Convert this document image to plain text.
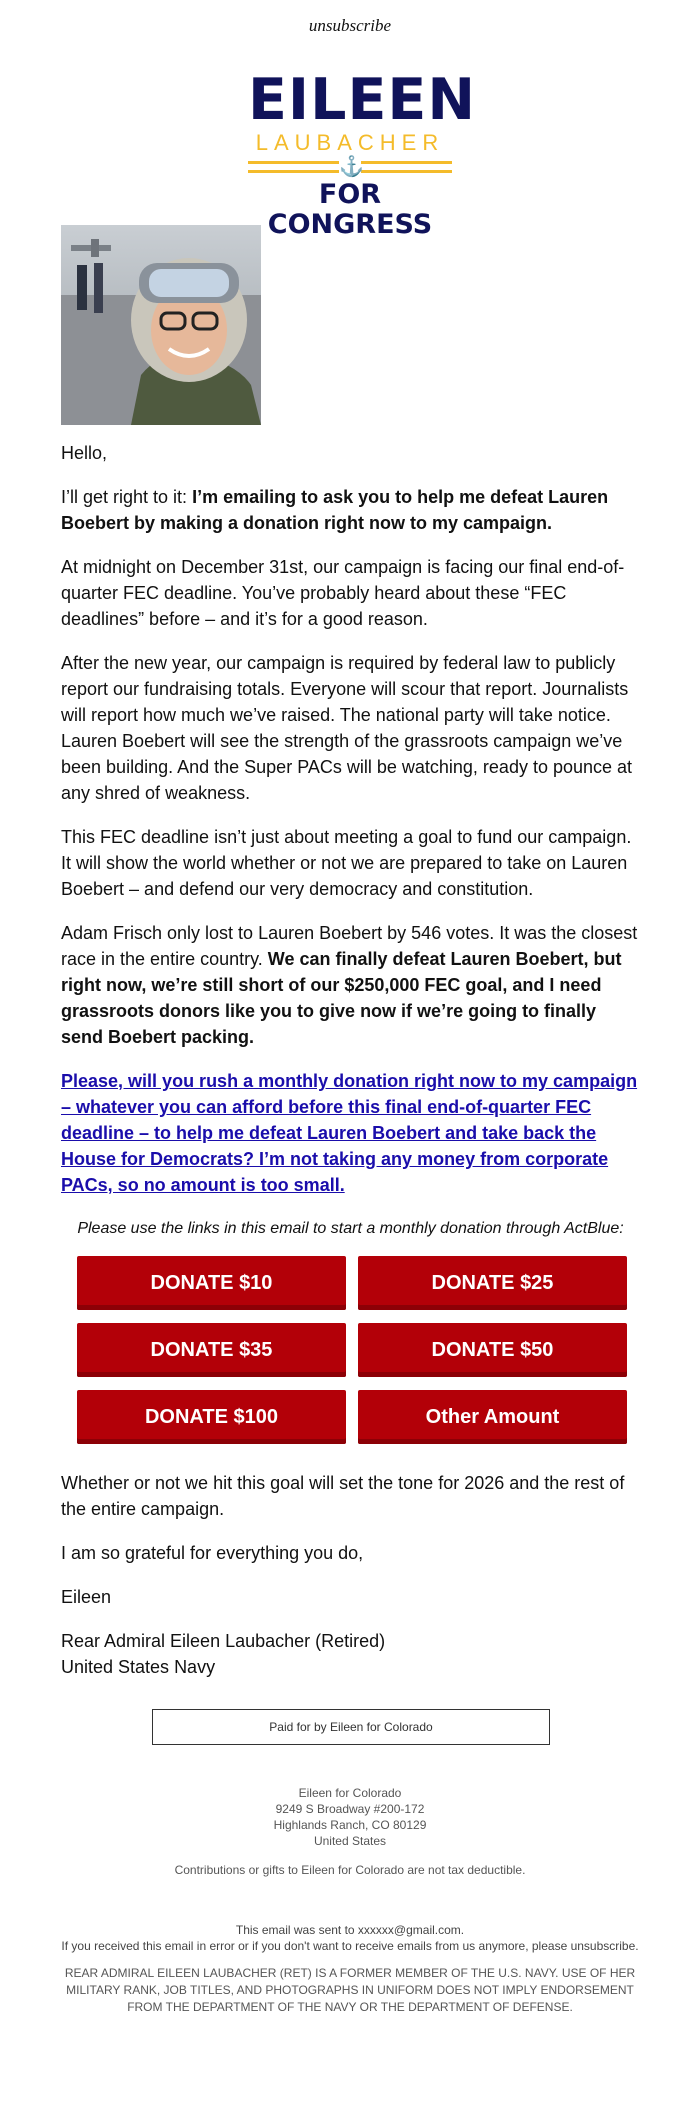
unsubscribe
EILEEN
LAUBACHER
⚓
FOR CONGRESS

Hello,

I’ll get right to it: I’m emailing to ask you to help me defeat Lauren Boebert by making a donation right now to my campaign.

At midnight on December 31st, our campaign is facing our final end-of-quarter FEC deadline. You’ve probably heard about these “FEC deadlines” before – and it’s for a good reason.

After the new year, our campaign is required by federal law to publicly report our fundraising totals. Everyone will scour that report. Journalists will report how much we’ve raised. The national party will take notice. Lauren Boebert will see the strength of the grassroots campaign we’ve been building. And the Super PACs will be watching, ready to pounce at any shred of weakness.

This FEC deadline isn’t just about meeting a goal to fund our campaign. It will show the world whether or not we are prepared to take on Lauren Boebert – and defend our very democracy and constitution.

Adam Frisch only lost to Lauren Boebert by 546 votes. It was the closest race in the entire country. We can finally defeat Lauren Boebert, but right now, we’re still short of our $250,000 FEC goal, and I need grassroots donors like you to give now if we’re going to finally send Boebert packing.

Please, will you rush a monthly donation right now to my campaign – whatever you can afford before this final end-of-quarter FEC deadline – to help me defeat Lauren Boebert and take back the House for Democrats? I’m not taking any money from corporate PACs, so no amount is too small.

Please use the links in this email to start a monthly donation through ActBlue:
DONATE $10	DONATE $25
DONATE $35	DONATE $50
DONATE $100	Other Amount

Whether or not we hit this goal will set the tone for 2026 and the rest of the entire campaign.

I am so grateful for everything you do,

Eileen

Rear Admiral Eileen Laubacher (Retired)
United States Navy

Paid for by Eileen for Colorado
Eileen for Colorado
9249 S Broadway #200-172
Highlands Ranch, CO 80129
United States
Contributions or gifts to Eileen for Colorado are not tax deductible.
This email was sent to xxxxxx@gmail.com.
If you received this email in error or if you don't want to receive emails from us anymore, please unsubscribe.
REAR ADMIRAL EILEEN LAUBACHER (RET) IS A FORMER MEMBER OF THE U.S. NAVY. USE OF HER MILITARY RANK, JOB TITLES, AND PHOTOGRAPHS IN UNIFORM DOES NOT IMPLY ENDORSEMENT FROM THE DEPARTMENT OF THE NAVY OR THE DEPARTMENT OF DEFENSE.
